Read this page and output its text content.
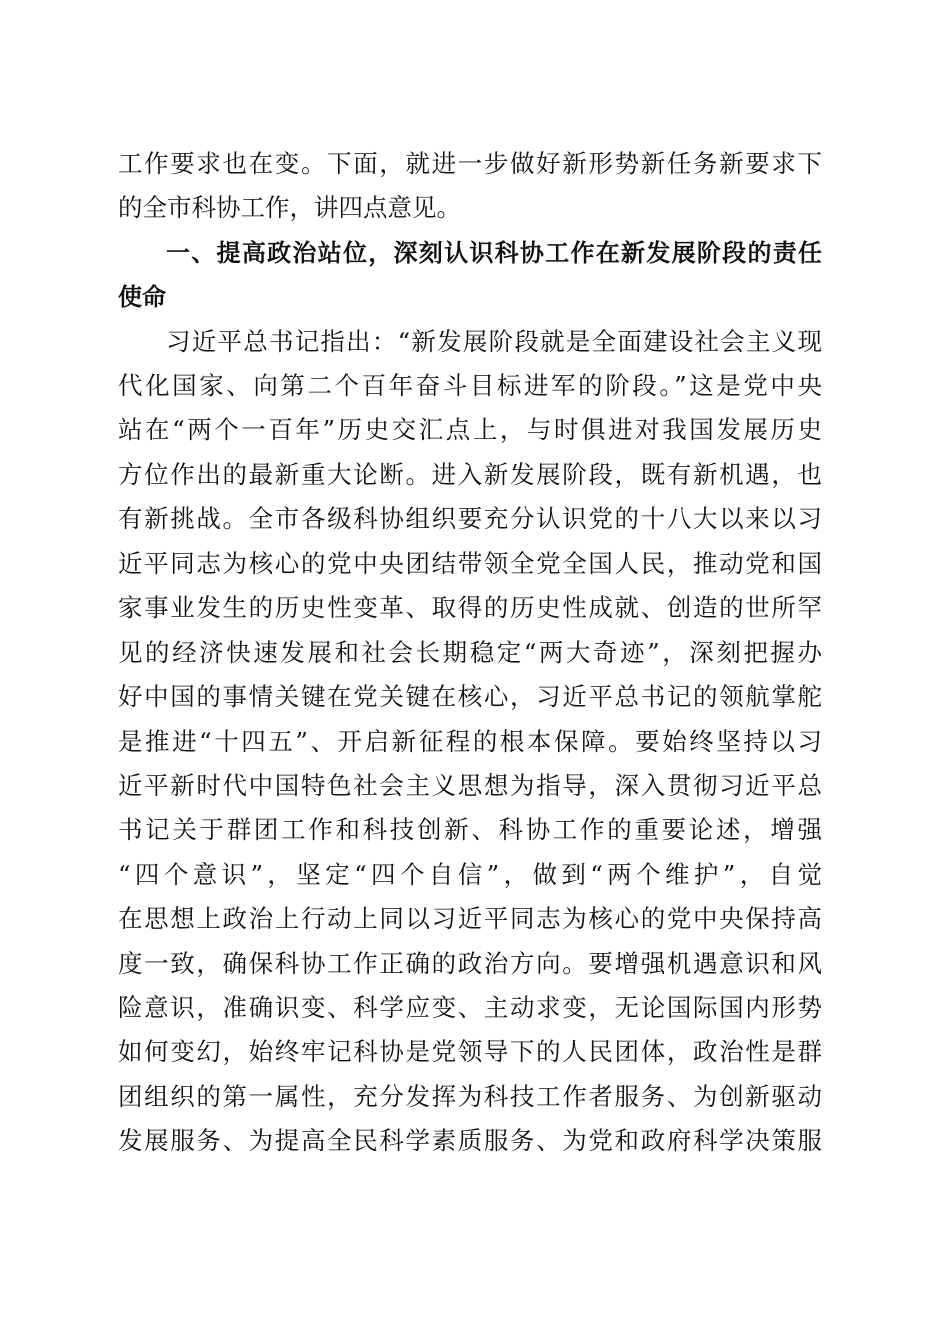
工作要求也在变。下面，就进一步做好新形势新任务新要求下
的全市科协工作，讲四点意见。
一、提高政治站位，深刻认识科协工作在新发展阶段的责任
使命
习近平总书记指出：“新发展阶段就是全面建设社会主义现
代化国家、向第二个百年奋斗目标进军的阶段。”这是党中央
站在“两个一百年”历史交汇点上，与时俱进对我国发展历史
方位作出的最新重大论断。进入新发展阶段，既有新机遇，也
有新挑战。全市各级科协组织要充分认识党的十八大以来以习
近平同志为核心的党中央团结带领全党全国人民，推动党和国
家事业发生的历史性变革、取得的历史性成就、创造的世所罕
见的经济快速发展和社会长期稳定“两大奇迹”，深刻把握办
好中国的事情关键在党关键在核心，习近平总书记的领航掌舵
是推进“十四五”、开启新征程的根本保障。要始终坚持以习
近平新时代中国特色社会主义思想为指导，深入贯彻习近平总
书记关于群团工作和科技创新、科协工作的重要论述，增强
“四个意识”，坚定“四个自信”，做到“两个维护”，自觉
在思想上政治上行动上同以习近平同志为核心的党中央保持高
度一致，确保科协工作正确的政治方向。要增强机遇意识和风
险意识，准确识变、科学应变、主动求变，无论国际国内形势
如何变幻，始终牢记科协是党领导下的人民团体，政治性是群
团组织的第一属性，充分发挥为科技工作者服务、为创新驱动
发展服务、为提高全民科学素质服务、为党和政府科学决策服
